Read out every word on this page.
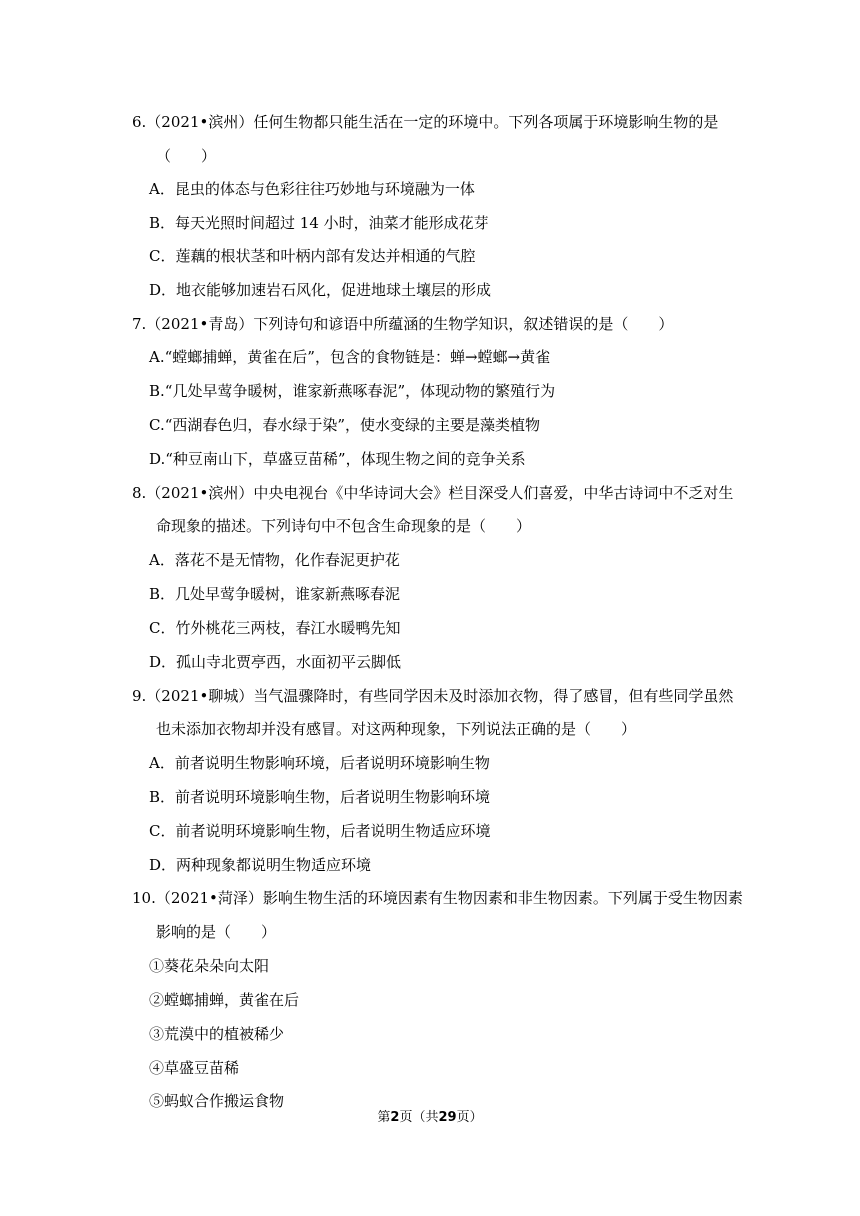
6.（2021•滨州）任何生物都只能生活在一定的环境中。下列各项属于环境影响生物的是
（　　）
A．昆虫的体态与色彩往往巧妙地与环境融为一体
B．每天光照时间超过 14 小时，油菜才能形成花芽
C．莲藕的根状茎和叶柄内部有发达并相通的气腔
D．地衣能够加速岩石风化，促进地球土壤层的形成
7.（2021•青岛）下列诗句和谚语中所蕴涵的生物学知识，叙述错误的是（　　）
A.“螳螂捕蝉，黄雀在后”，包含的食物链是：蝉→螳螂→黄雀
B.“几处早莺争暖树，谁家新燕啄春泥”，体现动物的繁殖行为
C.“西湖春色归，春水绿于染”，使水变绿的主要是藻类植物
D.“种豆南山下，草盛豆苗稀”，体现生物之间的竞争关系
8.（2021•滨州）中央电视台《中华诗词大会》栏目深受人们喜爱，中华古诗词中不乏对生
命现象的描述。下列诗句中不包含生命现象的是（　　）
A．落花不是无情物，化作春泥更护花
B．几处早莺争暖树，谁家新燕啄春泥
C．竹外桃花三两枝，春江水暖鸭先知
D．孤山寺北贾亭西，水面初平云脚低
9.（2021•聊城）当气温骤降时，有些同学因未及时添加衣物，得了感冒，但有些同学虽然
也未添加衣物却并没有感冒。对这两种现象，下列说法正确的是（　　）
A．前者说明生物影响环境，后者说明环境影响生物
B．前者说明环境影响生物，后者说明生物影响环境
C．前者说明环境影响生物，后者说明生物适应环境
D．两种现象都说明生物适应环境
10.（2021•菏泽）影响生物生活的环境因素有生物因素和非生物因素。下列属于受生物因素
影响的是（　　）
①葵花朵朵向太阳
②螳螂捕蝉，黄雀在后
③荒漠中的植被稀少
④草盛豆苗稀
⑤蚂蚁合作搬运食物
第2页（共29页）
